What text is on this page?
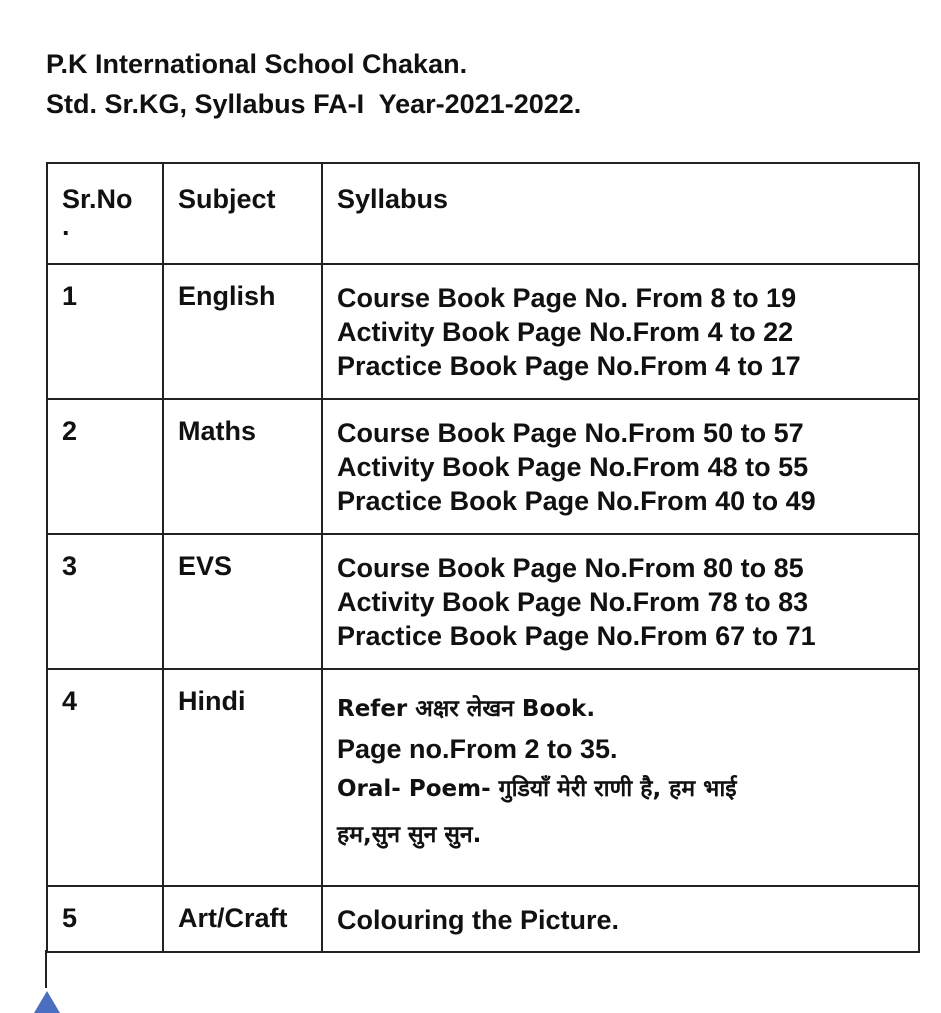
P.K International School Chakan.
Std. Sr.KG, Syllabus FA-I  Year-2021-2022.
Sr.No
.	Subject	Syllabus
1	English	Course Book Page No. From 8 to 19
Activity Book Page No.From 4 to 22
Practice Book Page No.From 4 to 17

2	Maths	Course Book Page No.From 50 to 57
Activity Book Page No.From 48 to 55
Practice Book Page No.From 40 to 49

3	EVS	Course Book Page No.From 80 to 85
Activity Book Page No.From 78 to 83
Practice Book Page No.From 67 to 71

4	Hindi	Refer अक्षर लेखन Book.
Page no.From 2 to 35.
Oral- Poem- गुडियाँ मेरी राणी है, हम भाई
हम,सुन सुन सुन.

5	Art/Craft	Colouring the Picture.
